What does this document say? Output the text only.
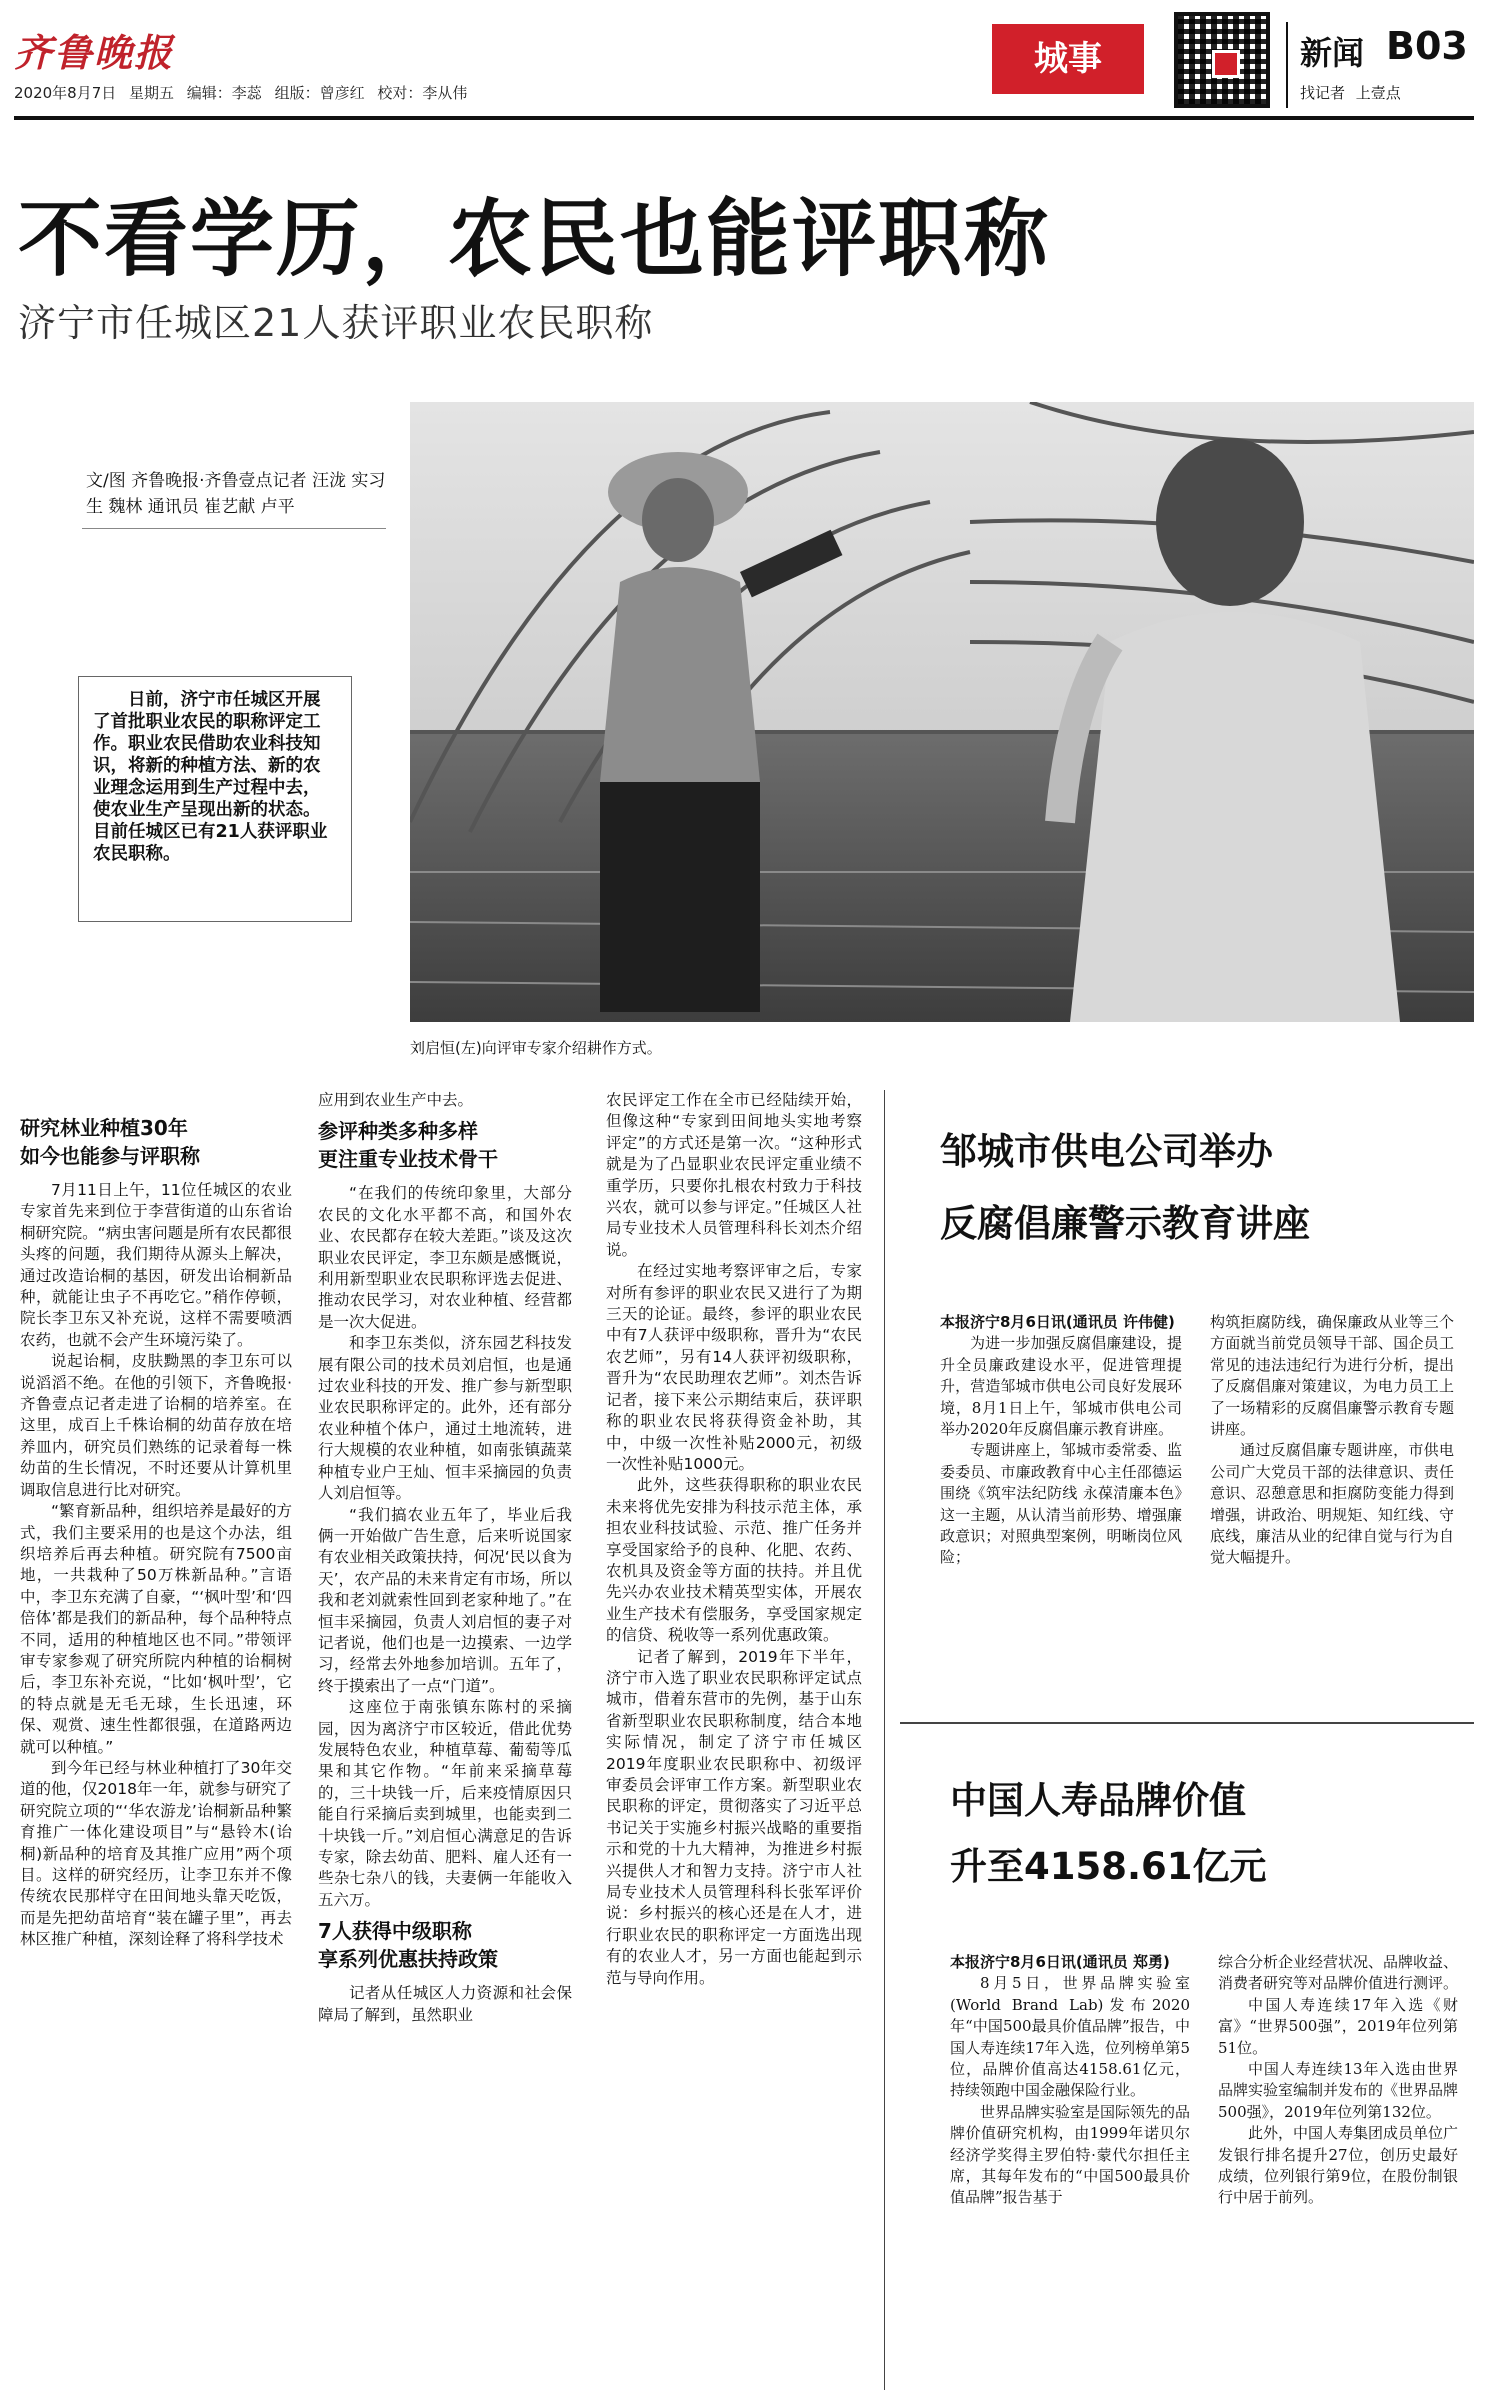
齐鲁晚报
2020年8月7日 星期五 编辑：李蕊 组版：曾彦红 校对：李从伟
城事	新闻 B03
找记者 上壹点
不看学历，农民也能评职称
济宁市任城区21人获评职业农民职称
文/图 齐鲁晚报·齐鲁壹点记者 汪泷 实习生 魏林 通讯员 崔艺献 卢平
日前，济宁市任城区开展了首批职业农民的职称评定工作。职业农民借助农业科技知识，将新的种植方法、新的农业理念运用到生产过程中去，使农业生产呈现出新的状态。目前任城区已有21人获评职业农民职称。
刘启恒(左)向评审专家介绍耕作方式。
研究林业种植30年
如今也能参与评职称

7月11日上午，11位任城区的农业专家首先来到位于李营街道的山东省诒桐研究院。“病虫害问题是所有农民都很头疼的问题，我们期待从源头上解决，通过改造诒桐的基因，研发出诒桐新品种，就能让虫子不再吃它。”稍作停顿，院长李卫东又补充说，这样不需要喷洒农药，也就不会产生环境污染了。

说起诒桐，皮肤黝黑的李卫东可以说滔滔不绝。在他的引领下，齐鲁晚报·齐鲁壹点记者走进了诒桐的培养室。在这里，成百上千株诒桐的幼苗存放在培养皿内，研究员们熟练的记录着每一株幼苗的生长情况，不时还要从计算机里调取信息进行比对研究。

“繁育新品种，组织培养是最好的方式，我们主要采用的也是这个办法，组织培养后再去种植。研究院有7500亩地，一共栽种了50万株新品种。”言语中，李卫东充满了自豪，“‘枫叶型’和‘四倍体’都是我们的新品种，每个品种特点不同，适用的种植地区也不同。”带领评审专家参观了研究所院内种植的诒桐树后，李卫东补充说，“比如‘枫叶型’，它的特点就是无毛无球，生长迅速，环保、观赏、速生性都很强，在道路两边就可以种植。”

到今年已经与林业种植打了30年交道的他，仅2018年一年，就参与研究了研究院立项的“‘华农游龙’诒桐新品种繁育推广一体化建设项目”与“悬铃木(诒桐)新品种的培育及其推广应用”两个项目。这样的研究经历，让李卫东并不像传统农民那样守在田间地头靠天吃饭，而是先把幼苗培育“装在罐子里”，再去林区推广种植，深刻诠释了将科学技术

应用到农业生产中去。

参评种类多种多样
更注重专业技术骨干

“在我们的传统印象里，大部分农民的文化水平都不高，和国外农业、农民都存在较大差距。”谈及这次职业农民评定，李卫东颇是感慨说，利用新型职业农民职称评选去促进、推动农民学习，对农业种植、经营都是一次大促进。

和李卫东类似，济东园艺科技发展有限公司的技术员刘启恒，也是通过农业科技的开发、推广参与新型职业农民职称评定的。此外，还有部分农业种植个体户，通过土地流转，进行大规模的农业种植，如南张镇蔬菜种植专业户王灿、恒丰采摘园的负责人刘启恒等。

“我们搞农业五年了，毕业后我俩一开始做广告生意，后来听说国家有农业相关政策扶持，何况‘民以食为天’，农产品的未来肯定有市场，所以我和老刘就索性回到老家种地了。”在恒丰采摘园，负责人刘启恒的妻子对记者说，他们也是一边摸索、一边学习，经常去外地参加培训。五年了，终于摸索出了一点“门道”。

这座位于南张镇东陈村的采摘园，因为离济宁市区较近，借此优势发展特色农业，种植草莓、葡萄等瓜果和其它作物。“年前来采摘草莓的，三十块钱一斤，后来疫情原因只能自行采摘后卖到城里，也能卖到二十块钱一斤。”刘启恒心满意足的告诉专家，除去幼苗、肥料、雇人还有一些杂七杂八的钱，夫妻俩一年能收入五六万。

7人获得中级职称
享系列优惠扶持政策

记者从任城区人力资源和社会保障局了解到，虽然职业

农民评定工作在全市已经陆续开始，但像这种“专家到田间地头实地考察评定”的方式还是第一次。“这种形式就是为了凸显职业农民评定重业绩不重学历，只要你扎根农村致力于科技兴农，就可以参与评定。”任城区人社局专业技术人员管理科科长刘杰介绍说。

在经过实地考察评审之后，专家对所有参评的职业农民又进行了为期三天的论证。最终，参评的职业农民中有7人获评中级职称，晋升为“农民农艺师”，另有14人获评初级职称，晋升为“农民助理农艺师”。刘杰告诉记者，接下来公示期结束后，获评职称的职业农民将获得资金补助，其中，中级一次性补贴2000元，初级一次性补贴1000元。

此外，这些获得职称的职业农民未来将优先安排为科技示范主体，承担农业科技试验、示范、推广任务并享受国家给予的良种、化肥、农药、农机具及资金等方面的扶持。并且优先兴办农业技术精英型实体，开展农业生产技术有偿服务，享受国家规定的信贷、税收等一系列优惠政策。

记者了解到，2019年下半年，济宁市入选了职业农民职称评定试点城市，借着东营市的先例，基于山东省新型职业农民职称制度，结合本地实际情况，制定了济宁市任城区2019年度职业农民职称中、初级评审委员会评审工作方案。新型职业农民职称的评定，贯彻落实了习近平总书记关于实施乡村振兴战略的重要指示和党的十九大精神，为推进乡村振兴提供人才和智力支持。济宁市人社局专业技术人员管理科科长张军评价说：乡村振兴的核心还是在人才，进行职业农民的职称评定一方面选出现有的农业人才，另一方面也能起到示范与导向作用。

邹城市供电公司举办
反腐倡廉警示教育讲座
本报济宁8月6日讯(通讯员 许伟健)

为进一步加强反腐倡廉建设，提升全员廉政建设水平，促进管理提升，营造邹城市供电公司良好发展环境，8月1日上午，邹城市供电公司举办2020年反腐倡廉示教育讲座。

专题讲座上，邹城市委常委、监委委员、市廉政教育中心主任邵德运围绕《筑牢法纪防线 永葆清廉本色》这一主题，从认清当前形势、增强廉政意识；对照典型案例，明晰岗位风险；

构筑拒腐防线，确保廉政从业等三个方面就当前党员领导干部、国企员工常见的违法违纪行为进行分析，提出了反腐倡廉对策建议，为电力员工上了一场精彩的反腐倡廉警示教育专题讲座。

通过反腐倡廉专题讲座，市供电公司广大党员干部的法律意识、责任意识、忍憩意思和拒腐防变能力得到增强，讲政治、明规矩、知红线、守底线，廉洁从业的纪律自觉与行为自觉大幅提升。

中国人寿品牌价值
升至4158.61亿元
本报济宁8月6日讯(通讯员 郑勇)

8月5日，世界品牌实验室(World Brand Lab)发布2020年“中国500最具价值品牌”报告，中国人寿连续17年入选，位列榜单第5位，品牌价值高达4158.61亿元，持续领跑中国金融保险行业。

世界品牌实验室是国际领先的品牌价值研究机构，由1999年诺贝尔经济学奖得主罗伯特·蒙代尔担任主席，其每年发布的“中国500最具价值品牌”报告基于

综合分析企业经营状况、品牌收益、消费者研究等对品牌价值进行测评。

中国人寿连续17年入选《财富》“世界500强”，2019年位列第51位。

中国人寿连续13年入选由世界品牌实验室编制并发布的《世界品牌500强》，2019年位列第132位。

此外，中国人寿集团成员单位广发银行排名提升27位，创历史最好成绩，位列银行第9位，在股份制银行中居于前列。
